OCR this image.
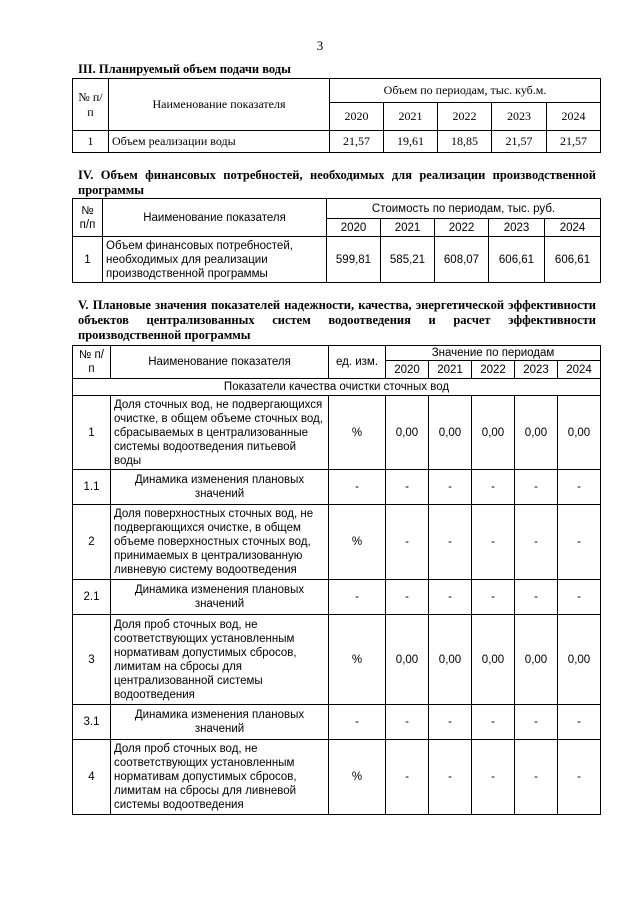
3
III. Планируемый объем подачи воды
№ п/п	Наименование показателя	Объем по периодам, тыс. куб.м.				
		2020	2021	2022	2023	2024
1	Объем реализации воды	21,57	19,61	18,85	21,57	21,57
IV. Объем финансовых потребностей, необходимых для реализации производственной программы
№ п/п	Наименование показателя	Стоимость по периодам, тыс. руб.				
		2020	2021	2022	2023	2024
1	Объем финансовых потребностей, необходимых для реализации производственной программы	599,81	585,21	608,07	606,61	606,61
V. Плановые значения показателей надежности, качества, энергетической эффективности объектов централизованных систем водоотведения и расчет эффективности производственной программы
№ п/п	Наименование показателя	ед. изм.	Значение по периодам				
			2020	2021	2022	2023	2024
Показатели качества очистки сточных вод							
1	Доля сточных вод, не подвергающихся очистке, в общем объеме сточных вод, сбрасываемых в централизованные системы водоотведения питьевой воды	%	0,00	0,00	0,00	0,00	0,00
1.1	Динамика изменения плановых значений	-	-	-	-	-	-
2	Доля поверхностных сточных вод, не подвергающихся очистке, в общем объеме поверхностных сточных вод, принимаемых в централизованную ливневую систему водоотведения	%	-	-	-	-	-
2.1	Динамика изменения плановых значений	-	-	-	-	-	-
3	Доля проб сточных вод, не соответствующих установленным нормативам допустимых сбросов, лимитам на сбросы для централизованной системы водоотведения	%	0,00	0,00	0,00	0,00	0,00
3.1	Динамика изменения плановых значений	-	-	-	-	-	-
4	Доля проб сточных вод, не соответствующих установленным нормативам допустимых сбросов, лимитам на сбросы для ливневой системы водоотведения	%	-	-	-	-	-
